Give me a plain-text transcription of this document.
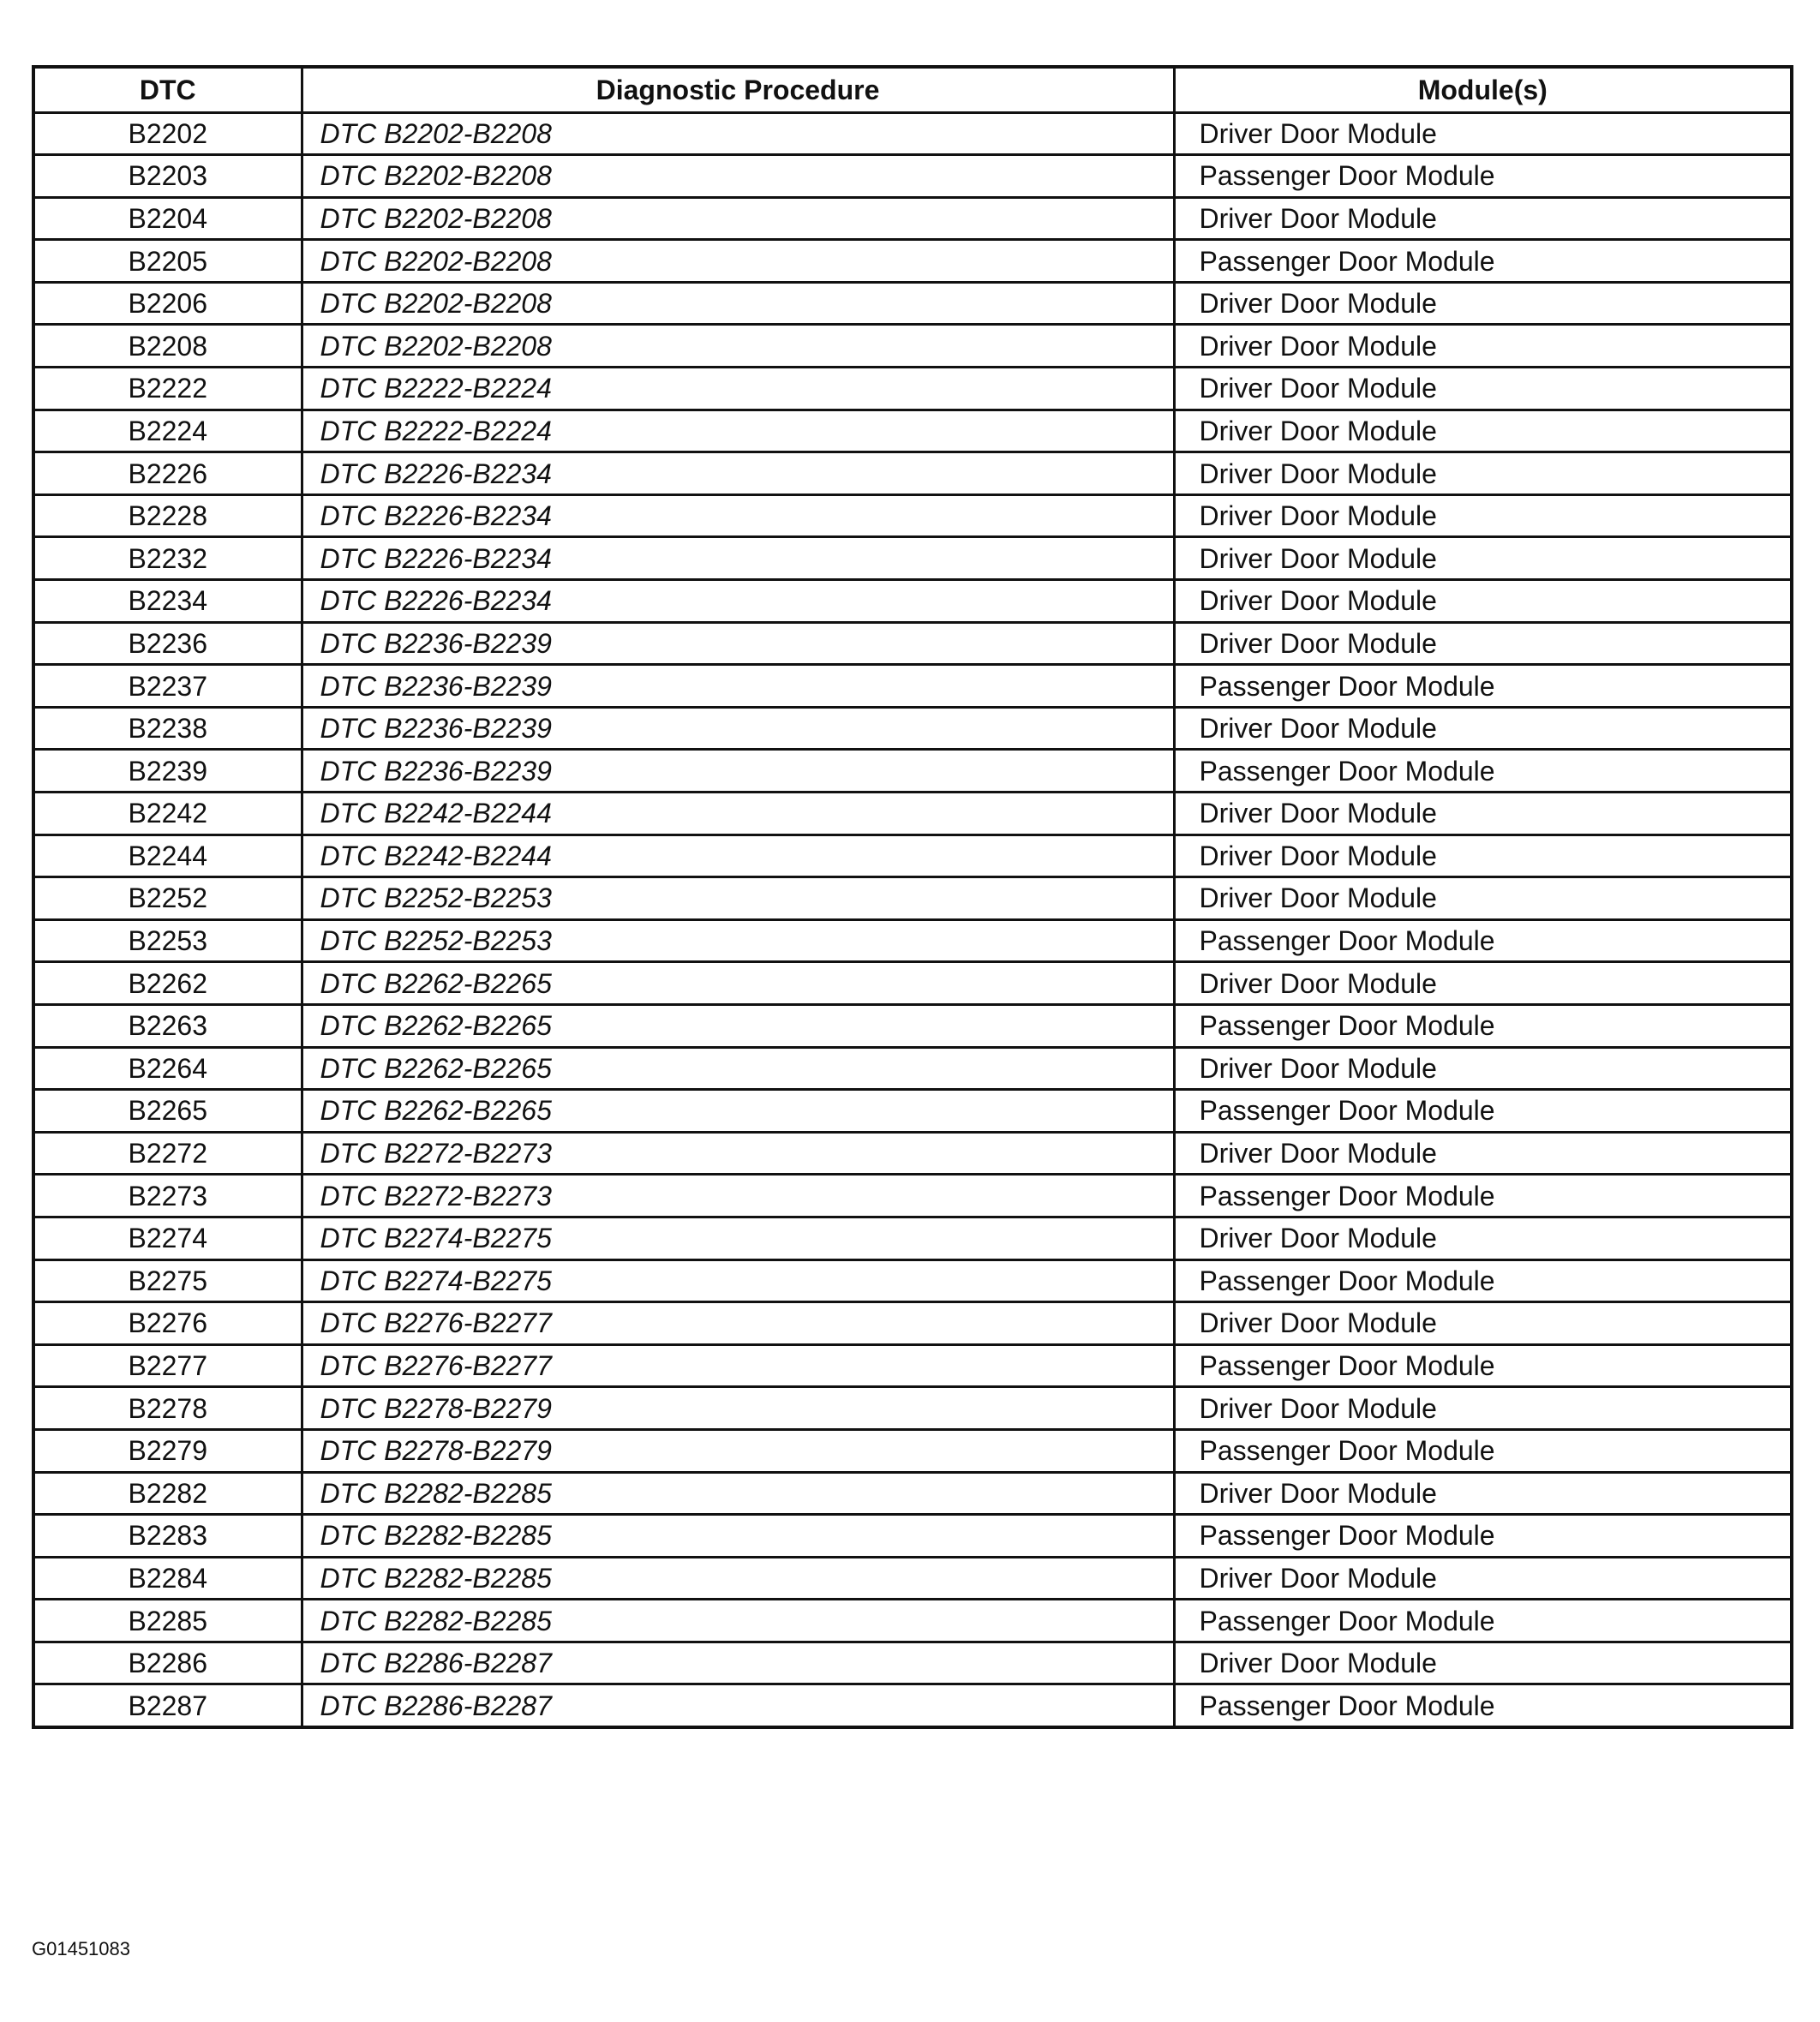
DTC	Diagnostic Procedure	Module(s)
B2202	DTC B2202-B2208	Driver Door Module
B2203	DTC B2202-B2208	Passenger Door Module
B2204	DTC B2202-B2208	Driver Door Module
B2205	DTC B2202-B2208	Passenger Door Module
B2206	DTC B2202-B2208	Driver Door Module
B2208	DTC B2202-B2208	Driver Door Module
B2222	DTC B2222-B2224	Driver Door Module
B2224	DTC B2222-B2224	Driver Door Module
B2226	DTC B2226-B2234	Driver Door Module
B2228	DTC B2226-B2234	Driver Door Module
B2232	DTC B2226-B2234	Driver Door Module
B2234	DTC B2226-B2234	Driver Door Module
B2236	DTC B2236-B2239	Driver Door Module
B2237	DTC B2236-B2239	Passenger Door Module
B2238	DTC B2236-B2239	Driver Door Module
B2239	DTC B2236-B2239	Passenger Door Module
B2242	DTC B2242-B2244	Driver Door Module
B2244	DTC B2242-B2244	Driver Door Module
B2252	DTC B2252-B2253	Driver Door Module
B2253	DTC B2252-B2253	Passenger Door Module
B2262	DTC B2262-B2265	Driver Door Module
B2263	DTC B2262-B2265	Passenger Door Module
B2264	DTC B2262-B2265	Driver Door Module
B2265	DTC B2262-B2265	Passenger Door Module
B2272	DTC B2272-B2273	Driver Door Module
B2273	DTC B2272-B2273	Passenger Door Module
B2274	DTC B2274-B2275	Driver Door Module
B2275	DTC B2274-B2275	Passenger Door Module
B2276	DTC B2276-B2277	Driver Door Module
B2277	DTC B2276-B2277	Passenger Door Module
B2278	DTC B2278-B2279	Driver Door Module
B2279	DTC B2278-B2279	Passenger Door Module
B2282	DTC B2282-B2285	Driver Door Module
B2283	DTC B2282-B2285	Passenger Door Module
B2284	DTC B2282-B2285	Driver Door Module
B2285	DTC B2282-B2285	Passenger Door Module
B2286	DTC B2286-B2287	Driver Door Module
B2287	DTC B2286-B2287	Passenger Door Module
G01451083
